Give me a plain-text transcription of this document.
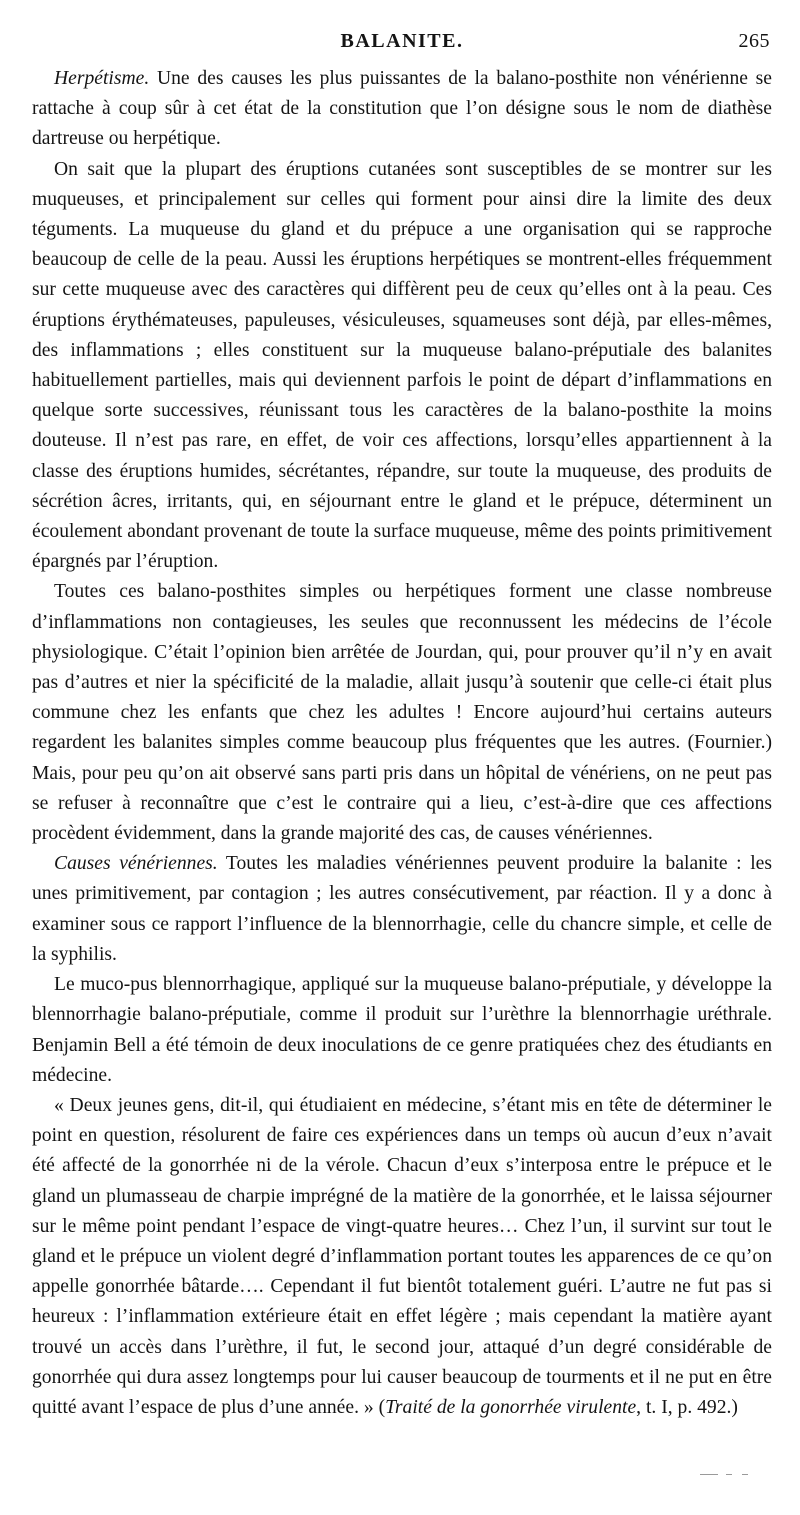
BALANITE.	265

Herpétisme. Une des causes les plus puissantes de la balano-posthite non vénérienne se rattache à coup sûr à cet état de la constitution que l’on désigne sous le nom de diathèse dartreuse ou herpétique.

On sait que la plupart des éruptions cutanées sont susceptibles de se montrer sur les muqueuses, et principalement sur celles qui forment pour ainsi dire la limite des deux téguments. La muqueuse du gland et du prépuce a une organisation qui se rapproche beaucoup de celle de la peau. Aussi les éruptions herpétiques se montrent-elles fréquemment sur cette muqueuse avec des caractères qui diffèrent peu de ceux qu’elles ont à la peau. Ces éruptions érythémateuses, papuleuses, vésiculeuses, squameuses sont déjà, par elles-mêmes, des inflammations ; elles constituent sur la muqueuse balano-préputiale des balanites habituellement partielles, mais qui deviennent parfois le point de départ d’inflammations en quelque sorte successives, réunissant tous les caractères de la balano-posthite la moins douteuse. Il n’est pas rare, en effet, de voir ces affections, lorsqu’elles appartiennent à la classe des éruptions humides, sécrétantes, répandre, sur toute la muqueuse, des produits de sécrétion âcres, irritants, qui, en séjournant entre le gland et le prépuce, déterminent un écoulement abondant provenant de toute la surface muqueuse, même des points primitivement épargnés par l’éruption.

Toutes ces balano-posthites simples ou herpétiques forment une classe nombreuse d’inflammations non contagieuses, les seules que reconnussent les médecins de l’école physiologique. C’était l’opinion bien arrêtée de Jourdan, qui, pour prouver qu’il n’y en avait pas d’autres et nier la spécificité de la maladie, allait jusqu’à soutenir que celle-ci était plus commune chez les enfants que chez les adultes ! Encore aujourd’hui certains auteurs regardent les balanites simples comme beaucoup plus fréquentes que les autres. (Fournier.) Mais, pour peu qu’on ait observé sans parti pris dans un hôpital de vénériens, on ne peut pas se refuser à reconnaître que c’est le contraire qui a lieu, c’est-à-dire que ces affections procèdent évidemment, dans la grande majorité des cas, de causes vénériennes.

Causes vénériennes. Toutes les maladies vénériennes peuvent produire la balanite : les unes primitivement, par contagion ; les autres consécutivement, par réaction. Il y a donc à examiner sous ce rapport l’influence de la blennorrhagie, celle du chancre simple, et celle de la syphilis.

Le muco-pus blennorrhagique, appliqué sur la muqueuse balano-préputiale, y développe la blennorrhagie balano-préputiale, comme il produit sur l’urèthre la blennorrhagie uréthrale. Benjamin Bell a été témoin de deux inoculations de ce genre pratiquées chez des étudiants en médecine.

« Deux jeunes gens, dit-il, qui étudiaient en médecine, s’étant mis en tête de déterminer le point en question, résolurent de faire ces expériences dans un temps où aucun d’eux n’avait été affecté de la gonorrhée ni de la vérole. Chacun d’eux s’interposa entre le prépuce et le gland un plumasseau de charpie imprégné de la matière de la gonorrhée, et le laissa séjourner sur le même point pendant l’espace de vingt-quatre heures… Chez l’un, il survint sur tout le gland et le prépuce un violent degré d’inflammation portant toutes les apparences de ce qu’on appelle gonorrhée bâtarde…. Cependant il fut bientôt totalement guéri. L’autre ne fut pas si heureux : l’inflammation extérieure était en effet légère ; mais cependant la matière ayant trouvé un accès dans l’urèthre, il fut, le second jour, attaqué d’un degré considérable de gonorrhée qui dura assez longtemps pour lui causer beaucoup de tourments et il ne put en être quitté avant l’espace de plus d’une année. » (Traité de la gonorrhée virulente, t. I, p. 492.)
